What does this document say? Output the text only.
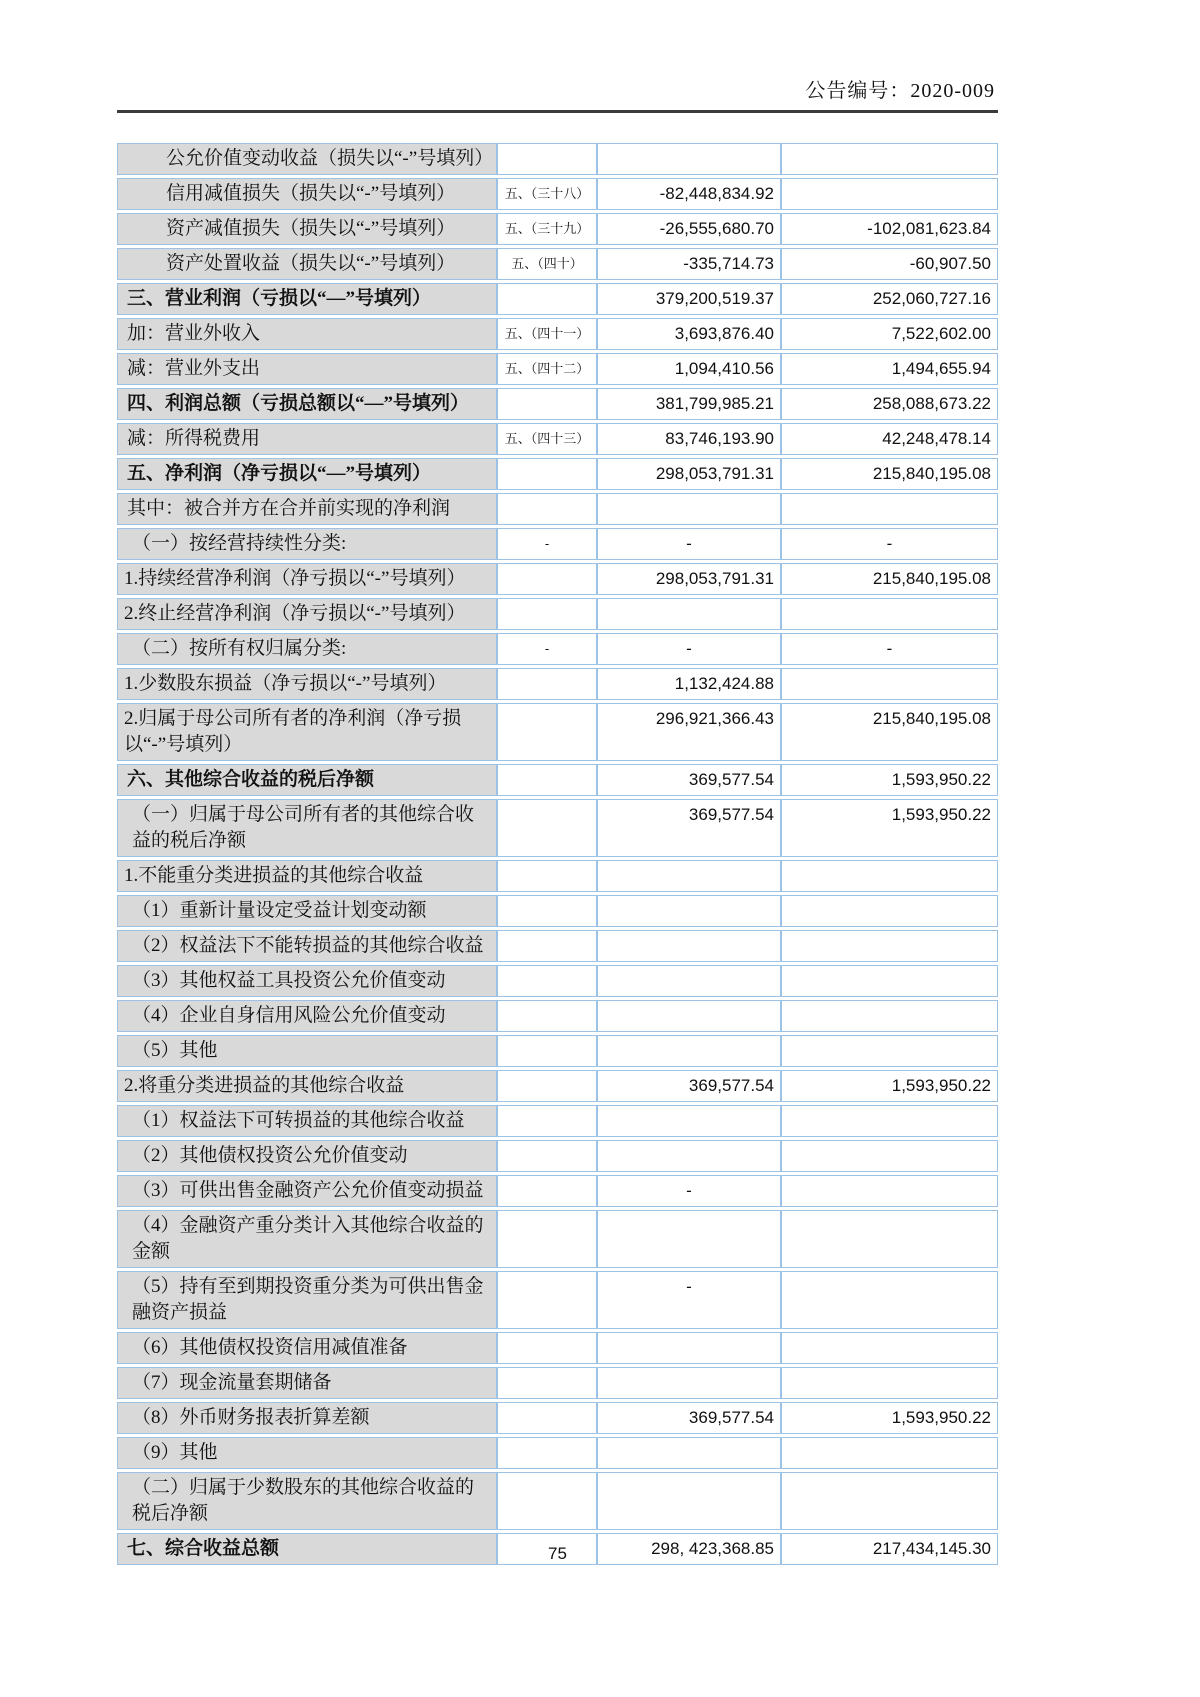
公告编号：2020-009
公允价值变动收益（损失以“-”号填列）			
信用减值损失（损失以“-”号填列）	五、（三十八）	-82,448,834.92	
资产减值损失（损失以“-”号填列）	五、（三十九）	-26,555,680.70	-102,081,623.84
资产处置收益（损失以“-”号填列）	五、（四十）	-335,714.73	-60,907.50
三、营业利润（亏损以“—”号填列）		379,200,519.37	252,060,727.16
加：营业外收入	五、（四十一）	3,693,876.40	7,522,602.00
减：营业外支出	五、（四十二）	1,094,410.56	1,494,655.94
四、利润总额（亏损总额以“—”号填列）		381,799,985.21	258,088,673.22
减：所得税费用	五、（四十三）	83,746,193.90	42,248,478.14
五、净利润（净亏损以“—”号填列）		298,053,791.31	215,840,195.08
其中：被合并方在合并前实现的净利润			
（一）按经营持续性分类:	-	-	-
1.持续经营净利润（净亏损以“-”号填列）		298,053,791.31	215,840,195.08
2.终止经营净利润（净亏损以“-”号填列）			
（二）按所有权归属分类:	-	-	-
1.少数股东损益（净亏损以“-”号填列）		1,132,424.88	
2.归属于母公司所有者的净利润（净亏损以“-”号填列）		296,921,366.43	215,840,195.08
六、其他综合收益的税后净额		369,577.54	1,593,950.22
（一）归属于母公司所有者的其他综合收益的税后净额		369,577.54	1,593,950.22
1.不能重分类进损益的其他综合收益			
（1）重新计量设定受益计划变动额			
（2）权益法下不能转损益的其他综合收益			
（3）其他权益工具投资公允价值变动			
（4）企业自身信用风险公允价值变动			
（5）其他			
2.将重分类进损益的其他综合收益		369,577.54	1,593,950.22
（1）权益法下可转损益的其他综合收益			
（2）其他债权投资公允价值变动			
（3）可供出售金融资产公允价值变动损益		-	
（4）金融资产重分类计入其他综合收益的金额			
（5）持有至到期投资重分类为可供出售金融资产损益		-	
（6）其他债权投资信用减值准备			
（7）现金流量套期储备			
（8）外币财务报表折算差额		369,577.54	1,593,950.22
（9）其他			
（二）归属于少数股东的其他综合收益的税后净额			
七、综合收益总额		298, 423,368.85	217,434,145.30
75
